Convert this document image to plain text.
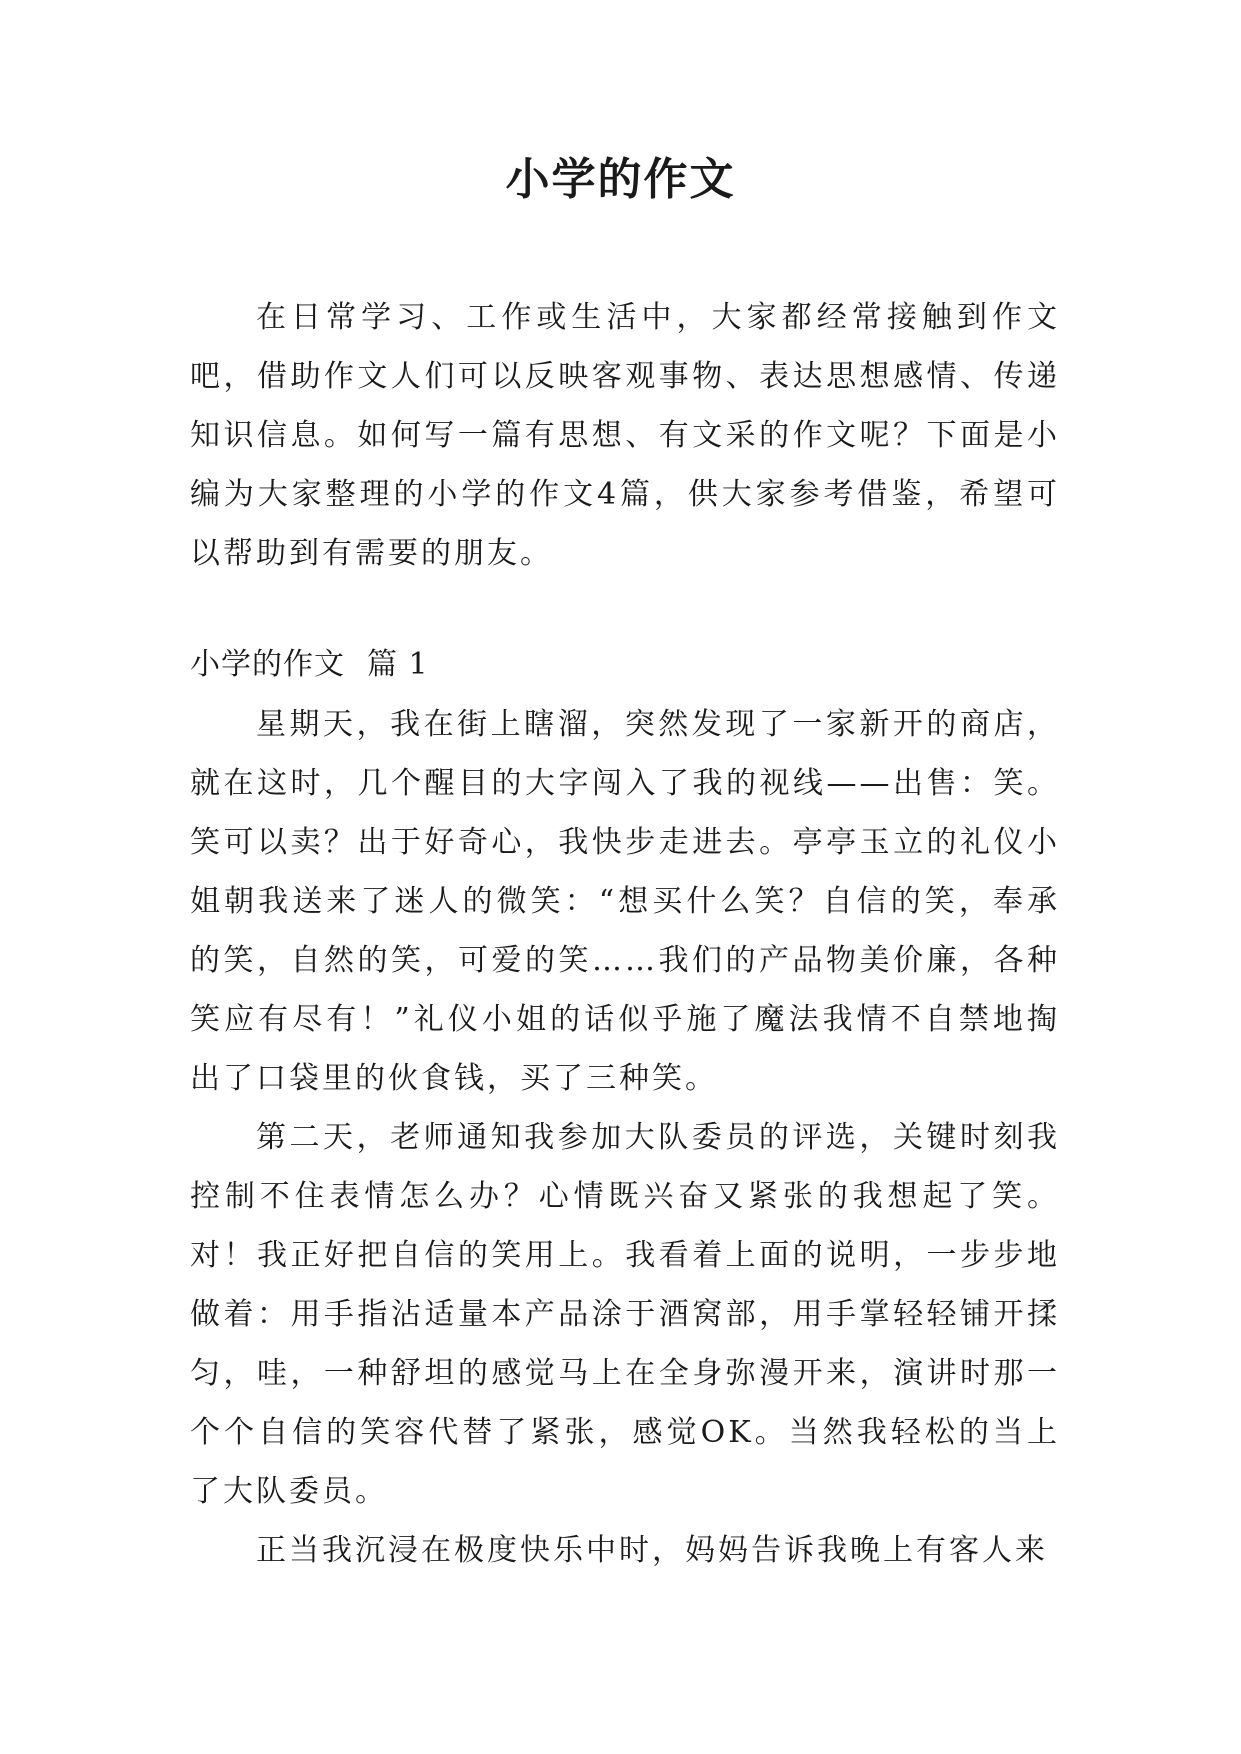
小学的作文

在日常学习、工作或生活中，大家都经常接触到作文吧，借助作文人们可以反映客观事物、表达思想感情、传递知识信息。如何写一篇有思想、有文采的作文呢？下面是小编为大家整理的小学的作文4篇，供大家参考借鉴，希望可以帮助到有需要的朋友。

小学的作文 篇 1

星期天，我在街上瞎溜，突然发现了一家新开的商店，就在这时，几个醒目的大字闯入了我的视线——出售：笑。笑可以卖？出于好奇心，我快步走进去。亭亭玉立的礼仪小姐朝我送来了迷人的微笑：“想买什么笑？自信的笑，奉承的笑，自然的笑，可爱的笑……我们的产品物美价廉，各种笑应有尽有！”礼仪小姐的话似乎施了魔法我情不自禁地掏出了口袋里的伙食钱，买了三种笑。

第二天，老师通知我参加大队委员的评选，关键时刻我控制不住表情怎么办？心情既兴奋又紧张的我想起了笑。对！我正好把自信的笑用上。我看着上面的说明，一步步地做着：用手指沾适量本产品涂于酒窝部，用手掌轻轻铺开揉匀，哇，一种舒坦的感觉马上在全身弥漫开来，演讲时那一个个自信的笑容代替了紧张，感觉OK。当然我轻松的当上了大队委员。

正当我沉浸在极度快乐中时，妈妈告诉我晚上有客人来
